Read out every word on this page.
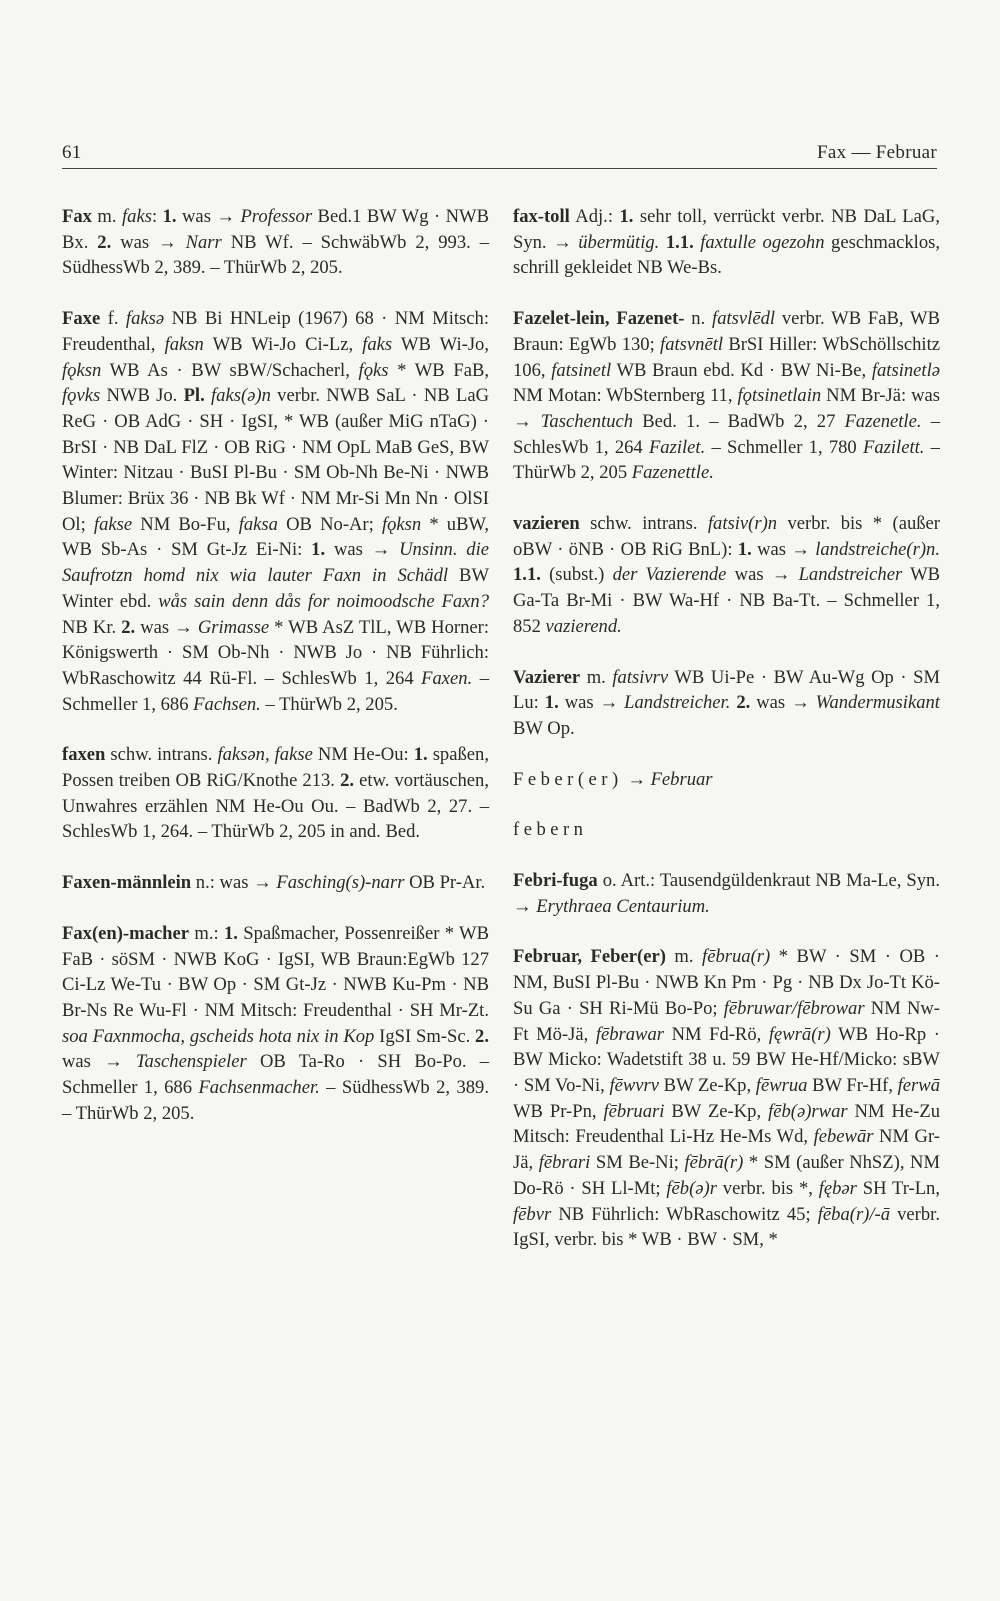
61	Fax — Februar

Fax m. faks: 1. was → Professor Bed.1 BW Wg · NWB Bx. 2. was → Narr NB Wf. – SchwäbWb 2, 993. – SüdhessWb 2, 389. – ThürWb 2, 205.

Faxe f. faksə NB Bi HNLeip (1967) 68 · NM Mitsch: Freudenthal, faksn WB Wi-Jo Ci-Lz, faks WB Wi-Jo, fǫksn WB As · BW sBW/Schacherl, fǫks * WB FaB, fǫvks NWB Jo. Pl. faks(ə)n verbr. NWB SaL · NB LaG ReG · OB AdG · SH · IgSI, * WB (außer MiG nTaG) · BrSI · NB DaL FlZ · OB RiG · NM OpL MaB GeS, BW Winter: Nitzau · BuSI Pl-Bu · SM Ob-Nh Be-Ni · NWB Blumer: Brüx 36 · NB Bk Wf · NM Mr-Si Mn Nn · OlSI Ol; fakse NM Bo-Fu, faksa OB No-Ar; fǫksn * uBW, WB Sb-As · SM Gt-Jz Ei-Ni: 1. was → Unsinn. die Saufrotzn homd nix wia lauter Faxn in Schädl BW Winter ebd. wås sain denn dås for noimoodsche Faxn? NB Kr. 2. was → Grimasse * WB AsZ TlL, WB Horner: Königswerth · SM Ob-Nh · NWB Jo · NB Führlich: WbRaschowitz 44 Rü-Fl. – SchlesWb 1, 264 Faxen. – Schmeller 1, 686 Fachsen. – ThürWb 2, 205.

faxen schw. intrans. faksən, fakse NM He-Ou: 1. spaßen, Possen treiben OB RiG/Knothe 213. 2. etw. vortäuschen, Unwahres erzählen NM He-Ou Ou. – BadWb 2, 27. – SchlesWb 1, 264. – ThürWb 2, 205 in and. Bed.

Faxen-männlein n.: was → Fasching(s)-narr OB Pr-Ar.

Fax(en)-macher m.: 1. Spaßmacher, Possenreißer * WB FaB · söSM · NWB KoG · IgSI, WB Braun:EgWb 127 Ci-Lz We-Tu · BW Op · SM Gt-Jz · NWB Ku-Pm · NB Br-Ns Re Wu-Fl · NM Mitsch: Freudenthal · SH Mr-Zt. soa Faxnmocha, gscheids hota nix in Kop IgSI Sm-Sc. 2. was → Taschenspieler OB Ta-Ro · SH Bo-Po. – Schmeller 1, 686 Fachsenmacher. – SüdhessWb 2, 389. – ThürWb 2, 205.

fax-toll Adj.: 1. sehr toll, verrückt verbr. NB DaL LaG, Syn. → übermütig. 1.1. faxtulle ogezohn geschmacklos, schrill gekleidet NB We-Bs.

Fazelet-lein, Fazenet- n. fatsvlēdl verbr. WB FaB, WB Braun: EgWb 130; fatsvnētl BrSI Hiller: WbSchöllschitz 106, fatsinetl WB Braun ebd. Kd · BW Ni-Be, fatsinetlə NM Motan: WbSternberg 11, fǫtsinetlain NM Br-Jä: was → Taschentuch Bed. 1. – BadWb 2, 27 Fazenetle. – SchlesWb 1, 264 Fazilet. – Schmeller 1, 780 Fazilett. – ThürWb 2, 205 Fazenettle.

vazieren schw. intrans. fatsiv(r)n verbr. bis * (außer oBW · öNB · OB RiG BnL): 1. was → landstreiche(r)n. 1.1. (subst.) der Vazierende was → Landstreicher WB Ga-Ta Br-Mi · BW Wa-Hf · NB Ba-Tt. – Schmeller 1, 852 vazierend.

Vazierer m. fatsivrv WB Ui-Pe · BW Au-Wg Op · SM Lu: 1. was → Landstreicher. 2. was → Wandermusikant BW Op.

Feber(er) → Februar

febern

Febri-fuga o. Art.: Tausendgüldenkraut NB Ma-Le, Syn. → Erythraea Centaurium.

Februar, Feber(er) m. fēbrua(r) * BW · SM · OB · NM, BuSI Pl-Bu · NWB Kn Pm · Pg · NB Dx Jo-Tt Kö-Su Ga · SH Ri-Mü Bo-Po; fēbruwar/fēbrowar NM Nw-Ft Mö-Jä, fēbrawar NM Fd-Rö, fęwrā(r) WB Ho-Rp · BW Micko: Wadetstift 38 u. 59 BW He-Hf/Micko: sBW · SM Vo-Ni, fēwvrv BW Ze-Kp, fēwrua BW Fr-Hf, ferwā WB Pr-Pn, fēbruari BW Ze-Kp, fēb(ə)rwar NM He-Zu Mitsch: Freudenthal Li-Hz He-Ms Wd, febewār NM Gr-Jä, fēbrari SM Be-Ni; fēbrā(r) * SM (außer NhSZ), NM Do-Rö · SH Ll-Mt; fēb(ə)r verbr. bis *, fębər SH Tr-Ln, fēbvr NB Führlich: WbRaschowitz 45; fēba(r)/-ā verbr. IgSI, verbr. bis * WB · BW · SM, *
